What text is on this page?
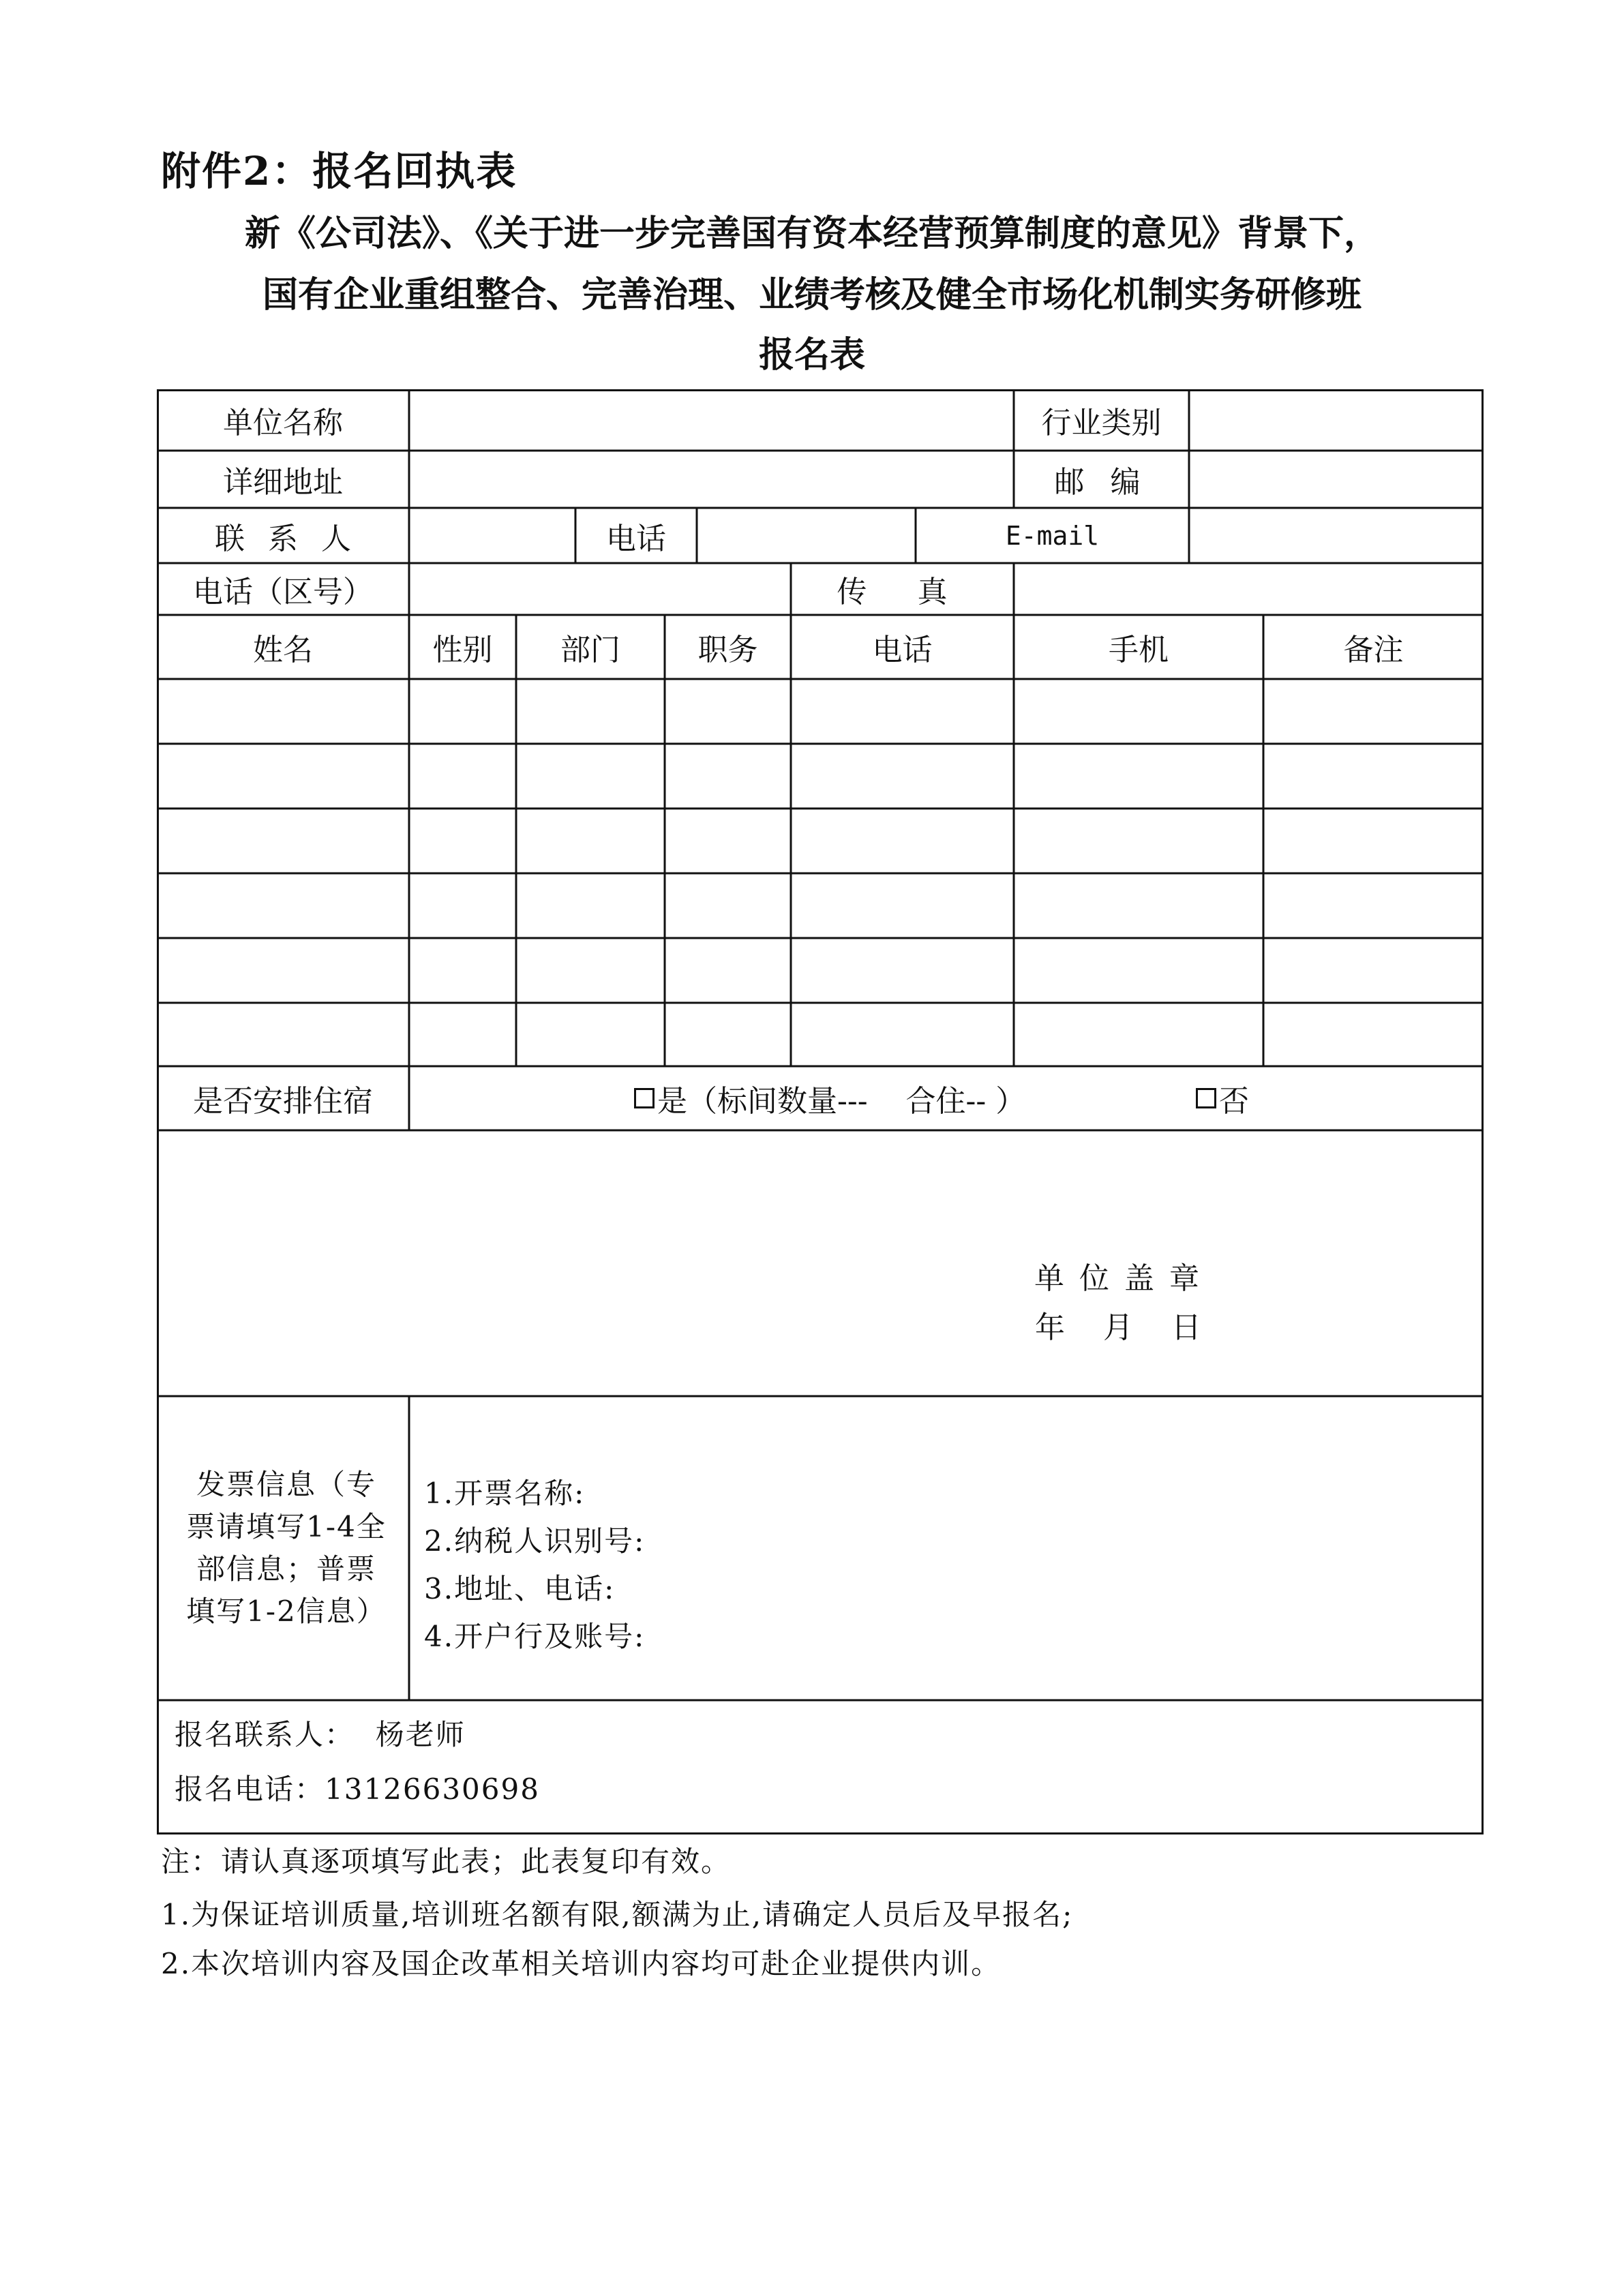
附件2：报名回执表
新《公司法》、《关于进一步完善国有资本经营预算制度的意见》背景下，
国有企业重组整合、完善治理、业绩考核及健全市场化机制实务研修班
报名表
单位名称	行业类别
详细地址	邮 编
联系人	电话	E-mail
电话（区号）	传 真
姓名	性别	部门	职务	电话	手机	备注
是否安排住宿	是（标间数量---    合住-- ）	否
单 位 盖 章
年    月    日
发票信息（专
票请填写1-4全
部信息；普票
填写1-2信息）
1.开票名称:
2.纳税人识别号:
3.地址、电话:
4.开户行及账号:
报名联系人：  杨老师
报名电话：13126630698
注：请认真逐项填写此表；此表复印有效。
1.为保证培训质量,培训班名额有限,额满为止,请确定人员后及早报名;
2.本次培训内容及国企改革相关培训内容均可赴企业提供内训。
